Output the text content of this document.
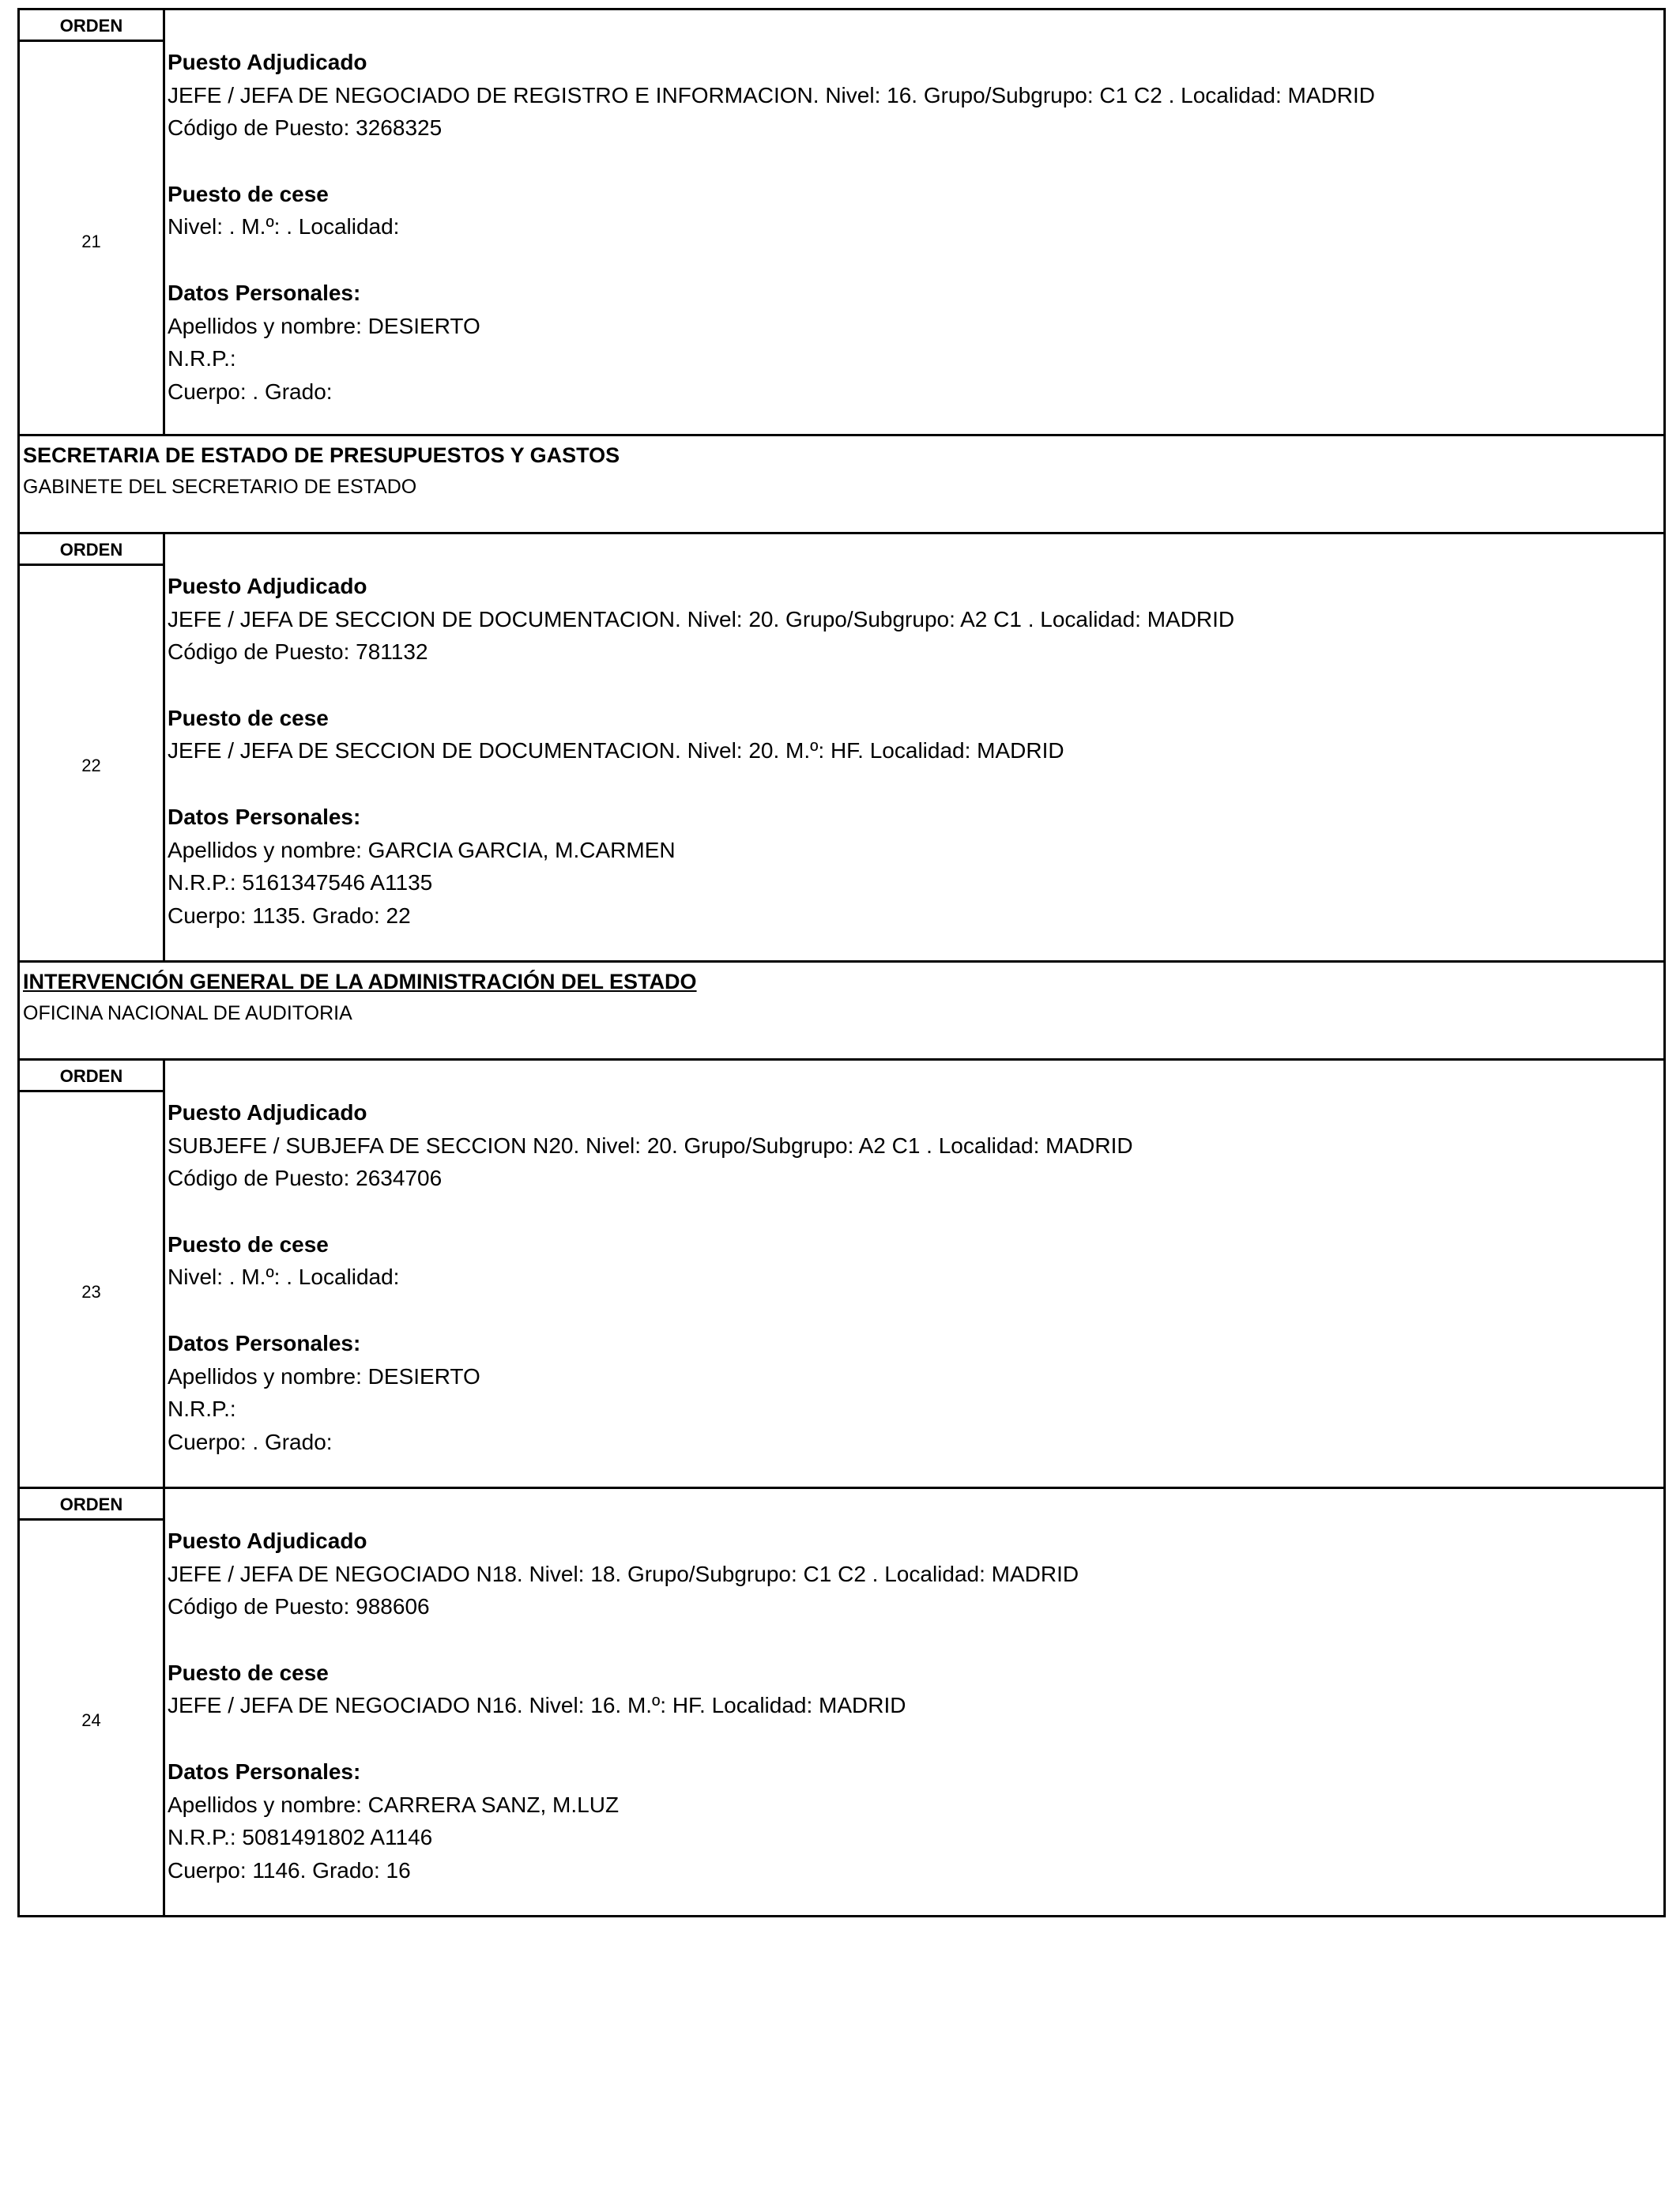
ORDEN
21
Puesto Adjudicado
JEFE / JEFA DE NEGOCIADO DE REGISTRO E INFORMACION. Nivel: 16. Grupo/Subgrupo: C1 C2 . Localidad: MADRID
Código de Puesto: 3268325
Puesto de cese
Nivel: . M.º: . Localidad:
Datos Personales:
Apellidos y nombre: DESIERTO
N.R.P.:
Cuerpo: . Grado:
SECRETARIA DE ESTADO DE PRESUPUESTOS Y GASTOS
GABINETE DEL SECRETARIO DE ESTADO
ORDEN
22
Puesto Adjudicado
JEFE / JEFA DE SECCION DE DOCUMENTACION. Nivel: 20. Grupo/Subgrupo: A2 C1 . Localidad: MADRID
Código de Puesto: 781132
Puesto de cese
JEFE / JEFA DE SECCION DE DOCUMENTACION. Nivel: 20. M.º: HF. Localidad: MADRID
Datos Personales:
Apellidos y nombre: GARCIA GARCIA, M.CARMEN
N.R.P.: 5161347546 A1135
Cuerpo: 1135. Grado: 22
INTERVENCIÓN GENERAL DE LA ADMINISTRACIÓN DEL ESTADO
OFICINA NACIONAL DE AUDITORIA
ORDEN
23
Puesto Adjudicado
SUBJEFE / SUBJEFA DE SECCION N20. Nivel: 20. Grupo/Subgrupo: A2 C1 . Localidad: MADRID
Código de Puesto: 2634706
Puesto de cese
Nivel: . M.º: . Localidad:
Datos Personales:
Apellidos y nombre: DESIERTO
N.R.P.:
Cuerpo: . Grado:
ORDEN
24
Puesto Adjudicado
JEFE / JEFA DE NEGOCIADO N18. Nivel: 18. Grupo/Subgrupo: C1 C2 . Localidad: MADRID
Código de Puesto: 988606
Puesto de cese
JEFE / JEFA DE NEGOCIADO N16. Nivel: 16. M.º: HF. Localidad: MADRID
Datos Personales:
Apellidos y nombre: CARRERA SANZ, M.LUZ
N.R.P.: 5081491802 A1146
Cuerpo: 1146. Grado: 16
